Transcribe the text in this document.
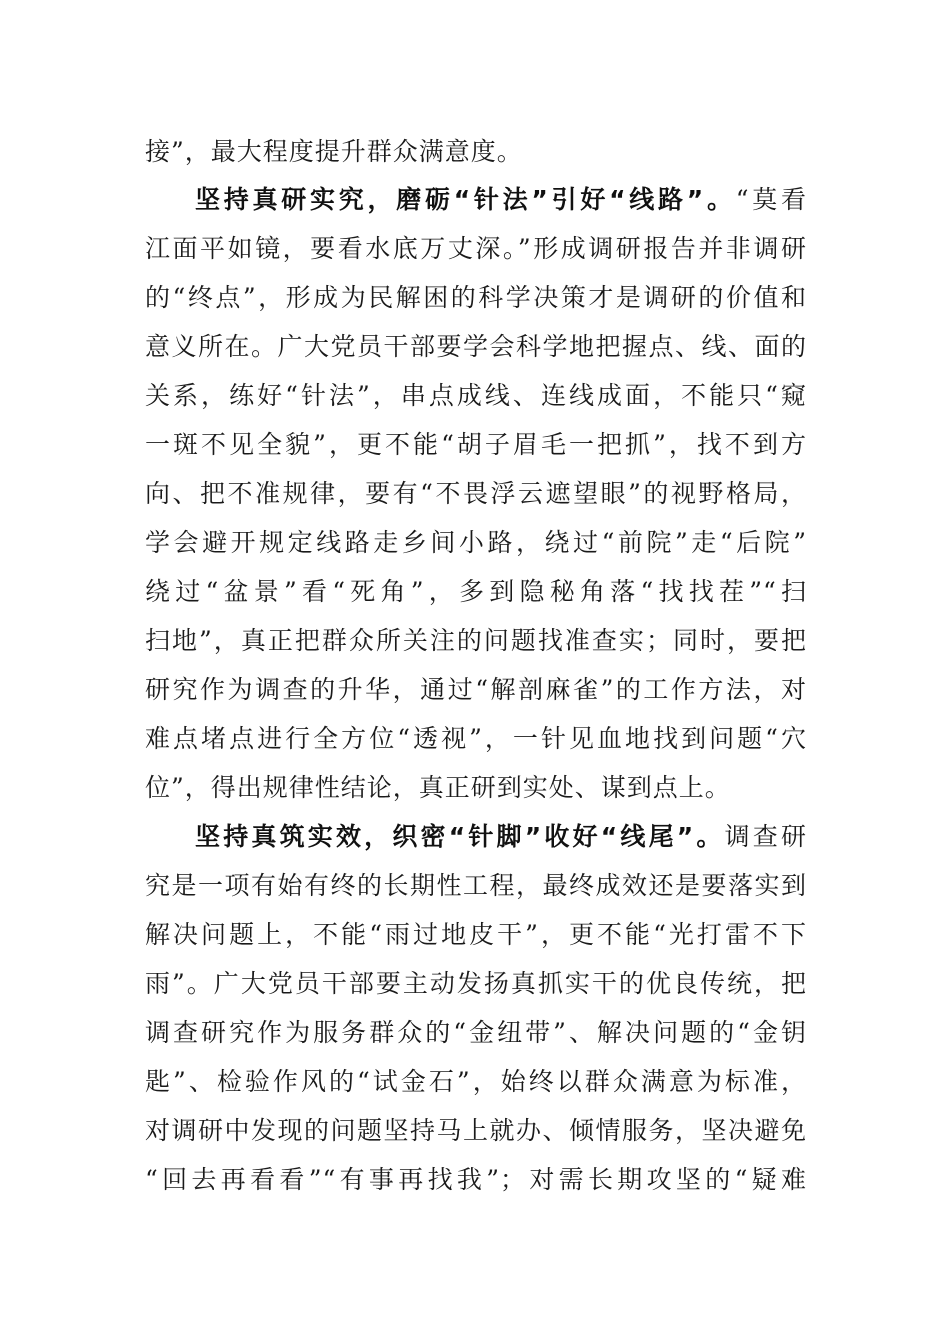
接”，最大程度提升群众满意度。
坚持真研实究，磨砺“针法”引好“线路”。“莫看
江面平如镜，要看水底万丈深。”形成调研报告并非调研
的“终点”，形成为民解困的科学决策才是调研的价值和
意义所在。广大党员干部要学会科学地把握点、线、面的
关系，练好“针法”，串点成线、连线成面，不能只“窥
一斑不见全貌”，更不能“胡子眉毛一把抓”，找不到方
向、把不准规律，要有“不畏浮云遮望眼”的视野格局，
学会避开规定线路走乡间小路，绕过“前院”走“后院”
绕过“盆景”看“死角”，多到隐秘角落“找找茬”“扫
扫地”，真正把群众所关注的问题找准查实；同时，要把
研究作为调查的升华，通过“解剖麻雀”的工作方法，对
难点堵点进行全方位“透视”，一针见血地找到问题“穴
位”，得出规律性结论，真正研到实处、谋到点上。
坚持真筑实效，织密“针脚”收好“线尾”。调查研
究是一项有始有终的长期性工程，最终成效还是要落实到
解决问题上，不能“雨过地皮干”，更不能“光打雷不下
雨”。广大党员干部要主动发扬真抓实干的优良传统，把
调查研究作为服务群众的“金纽带”、解决问题的“金钥
匙”、检验作风的“试金石”，始终以群众满意为标准，
对调研中发现的问题坚持马上就办、倾情服务，坚决避免
“回去再看看”“有事再找我”；对需长期攻坚的“疑难
